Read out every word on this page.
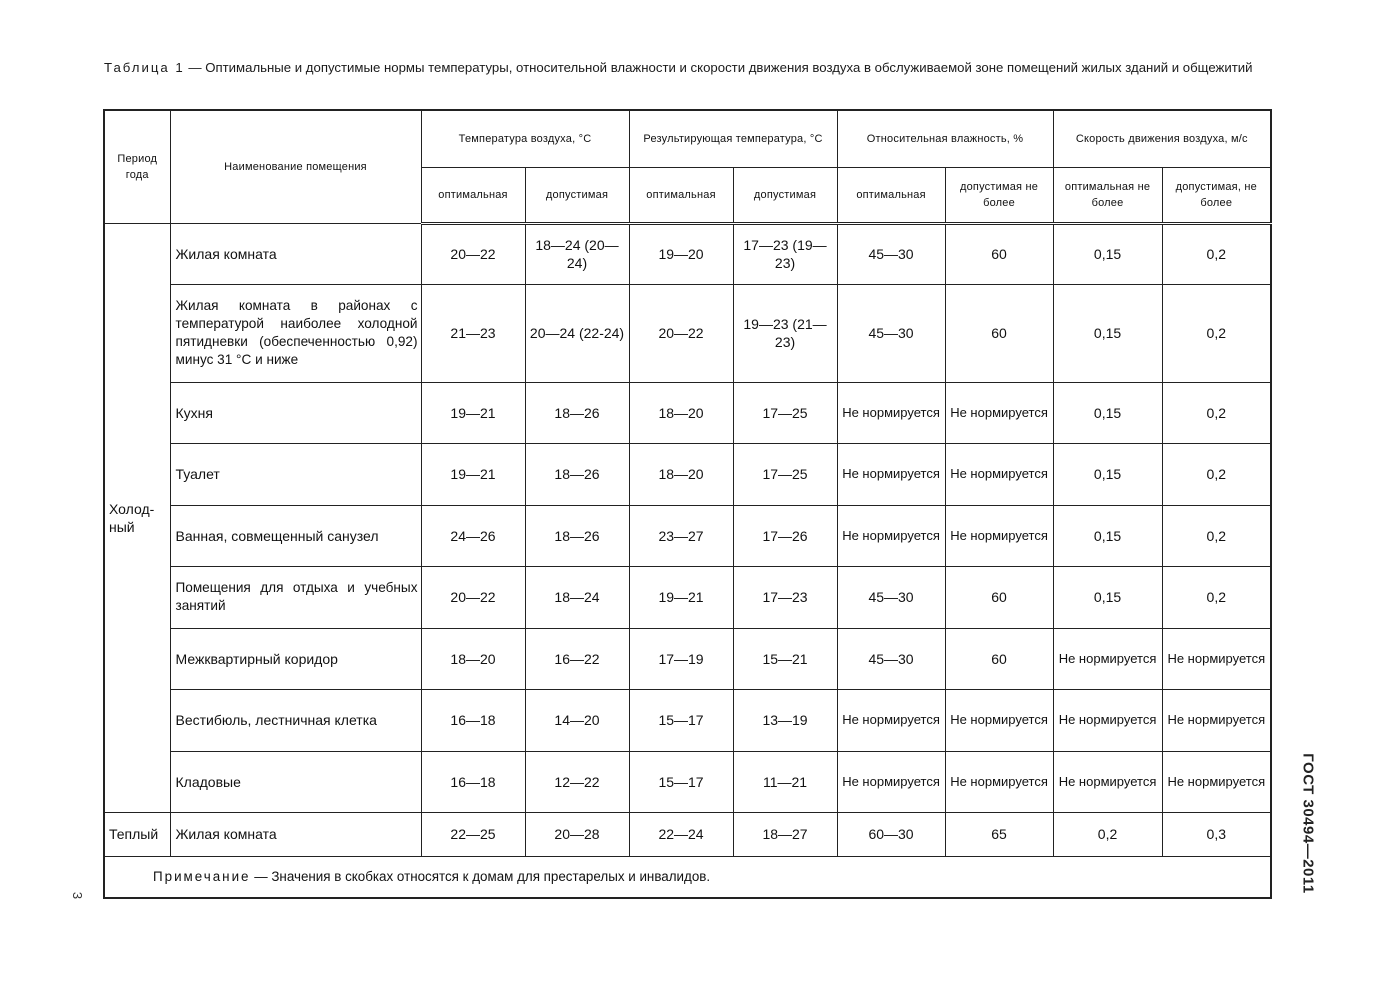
Таблица 1 — Оптимальные и допустимые нормы температуры, относительной влажности и скорости движения воздуха в обслуживаемой зоне помещений жилых зданий и общежитий
Период года	Наименование помещения	Температура воздуха, °С		Результирующая температура, °С		Относительная влажность, %		Скорость движения воздуха, м/с	
		оптимальная	допустимая	оптимальная	допустимая	оптимальная	допустимая не более	оптимальная не более	допустимая, не более
Холод- ный	Жилая комната	20—22	18—24 (20—24)	19—20	17—23 (19—23)	45—30	60	0,15	0,2
	Жилая комната в районах с температурой наиболее холодной пятидневки (обеспеченностью 0,92) минус 31 °С и ниже	21—23	20—24 (22-24)	20—22	19—23 (21—23)	45—30	60	0,15	0,2
	Кухня	19—21	18—26	18—20	17—25	Не нормируется	Не нормируется	0,15	0,2
	Туалет	19—21	18—26	18—20	17—25	Не нормируется	Не нормируется	0,15	0,2
	Ванная, совмещенный санузел	24—26	18—26	23—27	17—26	Не нормируется	Не нормируется	0,15	0,2
	Помещения для отдыха и учебных занятий	20—22	18—24	19—21	17—23	45—30	60	0,15	0,2
	Межквартирный коридор	18—20	16—22	17—19	15—21	45—30	60	Не нормируется	Не нормируется
	Вестибюль, лестничная клетка	16—18	14—20	15—17	13—19	Не нормируется	Не нормируется	Не нормируется	Не нормируется
	Кладовые	16—18	12—22	15—17	11—21	Не нормируется	Не нормируется	Не нормируется	Не нормируется
Теплый	Жилая комната	22—25	20—28	22—24	18—27	60—30	65	0,2	0,3
Примечание — Значения в скобках относятся к домам для престарелых и инвалидов.									
3
ГОСТ 30494—2011
